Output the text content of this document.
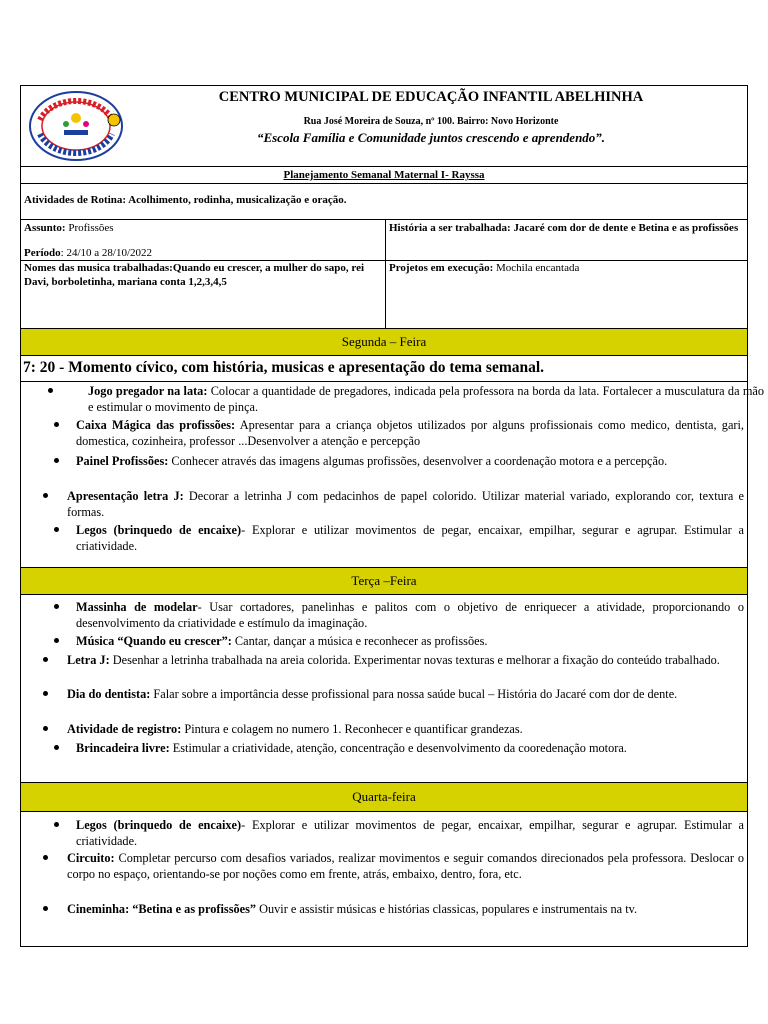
CENTRO MUNICIPAL DE EDUCAÇÃO INFANTIL ABELHINHA
Rua José Moreira de Souza, nº 100. Bairro: Novo Horizonte
“Escola Família e Comunidade juntos crescendo e aprendendo”.
Planejamento Semanal Maternal I- Rayssa
Atividades de Rotina: Acolhimento, rodinha, musicalização e oração.
Assunto: Profissões
Período: 24/10 a 28/10/2022
História a ser trabalhada: Jacaré com dor de dente e Betina e as profissões
Nomes das musica trabalhadas:Quando eu crescer, a mulher do sapo, rei Davi, borboletinha, mariana conta 1,2,3,4,5
Projetos em execução: Mochila encantada
Segunda – Feira
7: 20 - Momento cívico, com história, musicas e apresentação do tema semanal.
Jogo pregador na lata: Colocar a quantidade de pregadores, indicada pela professora na borda da lata. Fortalecer a musculatura da mão e estimular o movimento de pinça.
Caixa Mágica das profissões: Apresentar para a criança objetos utilizados por alguns profissionais como medico, dentista, gari, domestica, cozinheira, professor ...Desenvolver a atenção e percepção
Painel Profissões: Conhecer através das imagens algumas profissões, desenvolver a coordenação motora e a percepção.
Apresentação letra J: Decorar a letrinha J com pedacinhos de papel colorido. Utilizar material variado, explorando cor, textura e formas.
Legos (brinquedo de encaixe)- Explorar e utilizar movimentos de pegar, encaixar, empilhar, segurar e agrupar. Estimular a criatividade.
Terça –Feira
Massinha de modelar- Usar cortadores, panelinhas e palitos com o objetivo de enriquecer a atividade, proporcionando o desenvolvimento da criatividade e estímulo da imaginação.
Música “Quando eu crescer”: Cantar, dançar a música e reconhecer as profissões.
Letra J: Desenhar a letrinha trabalhada na areia colorida. Experimentar novas texturas e melhorar a fixação do conteúdo trabalhado.
Dia do dentista: Falar sobre a importância desse profissional para nossa saúde bucal – História do Jacaré com dor de dente.
Atividade de registro: Pintura e colagem no numero 1. Reconhecer e quantificar grandezas.
Brincadeira livre: Estimular a criatividade, atenção, concentração e desenvolvimento da cooredenação motora.
Quarta-feira
Legos (brinquedo de encaixe)- Explorar e utilizar movimentos de pegar, encaixar, empilhar, segurar e agrupar. Estimular a criatividade.
Circuito: Completar percurso com desafios variados, realizar movimentos e seguir comandos direcionados pela professora. Deslocar o corpo no espaço, orientando-se por noções como em frente, atrás, embaixo, dentro, fora, etc.
Cineminha: “Betina e as profissões” Ouvir e assistir músicas e histórias classicas, populares e instrumentais na tv.
